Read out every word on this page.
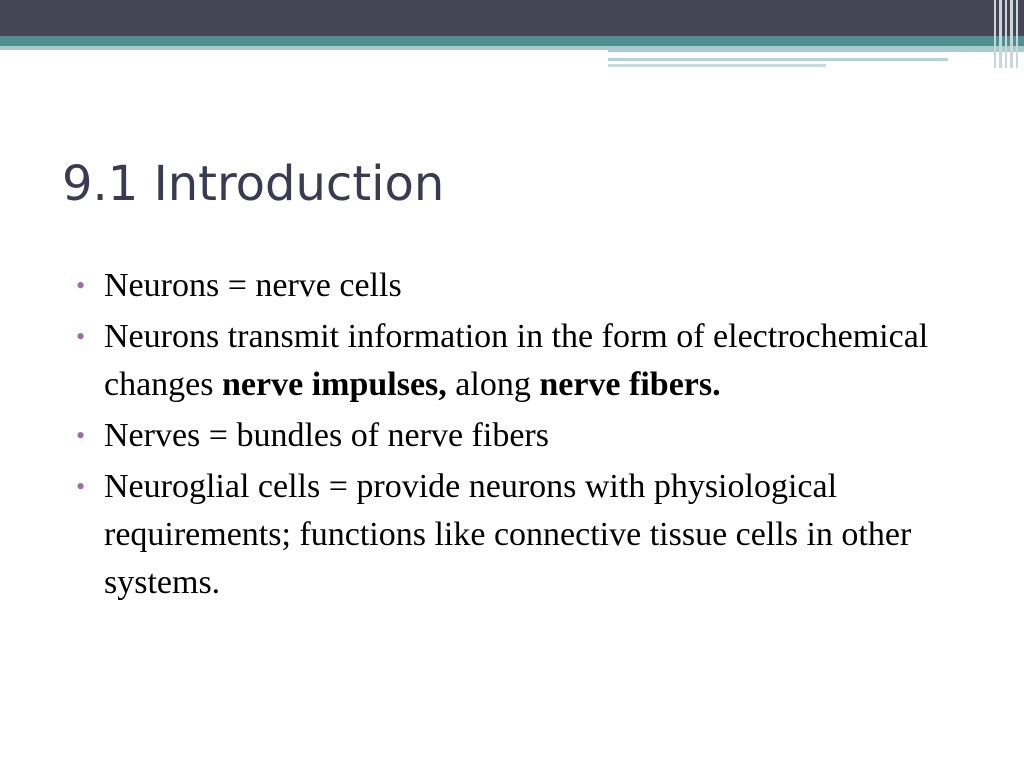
9.1 Introduction
• Neurons = nerve cells
• Neurons transmit information in the form of electrochemical changes nerve impulses, along nerve fibers.
• Nerves = bundles of nerve fibers
• Neuroglial cells = provide neurons with physiological requirements; functions like connective tissue cells in other systems.
